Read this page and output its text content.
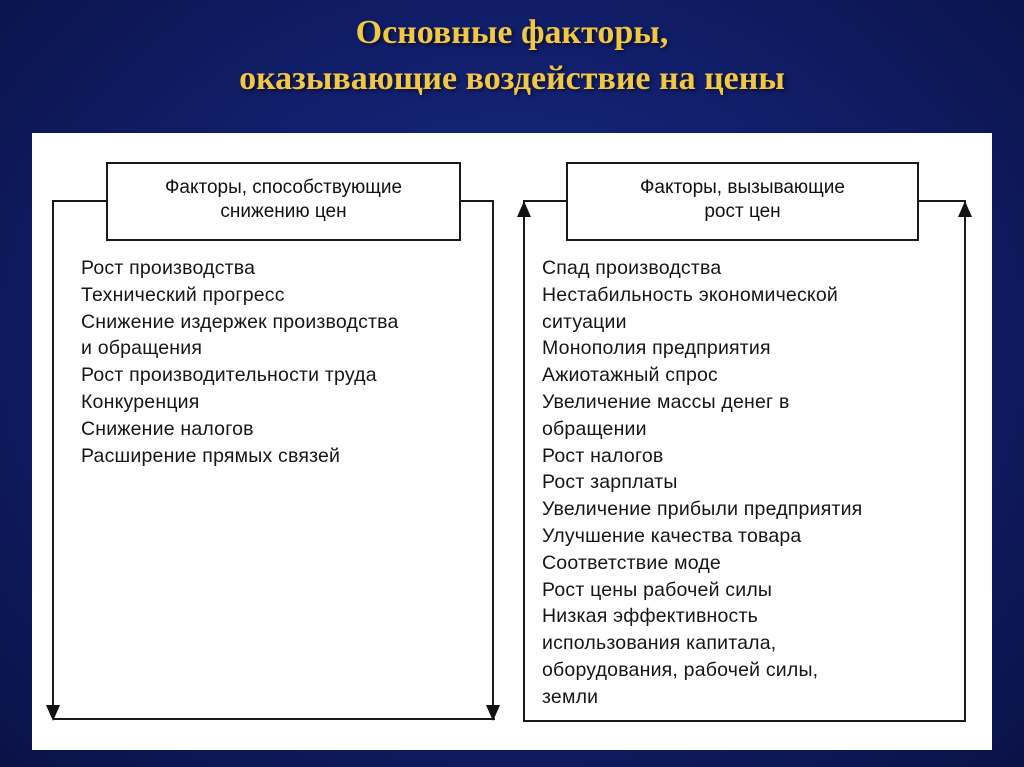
Основные факторы,
оказывающие воздействие на цены
Факторы, способствующие
снижению цен
Факторы, вызывающие
рост цен
Рост производства
Технический прогресс
Снижение издержек производства
и обращения
Рост производительности труда
Конкуренция
Снижение налогов
Расширение прямых связей
Спад производства
Нестабильность экономической
ситуации
Монополия предприятия
Ажиотажный спрос
Увеличение массы денег в
обращении
Рост налогов
Рост зарплаты
Увеличение прибыли предприятия
Улучшение качества товара
Соответствие моде
Рост цены рабочей силы
Низкая эффективность
использования капитала,
оборудования, рабочей силы,
земли
